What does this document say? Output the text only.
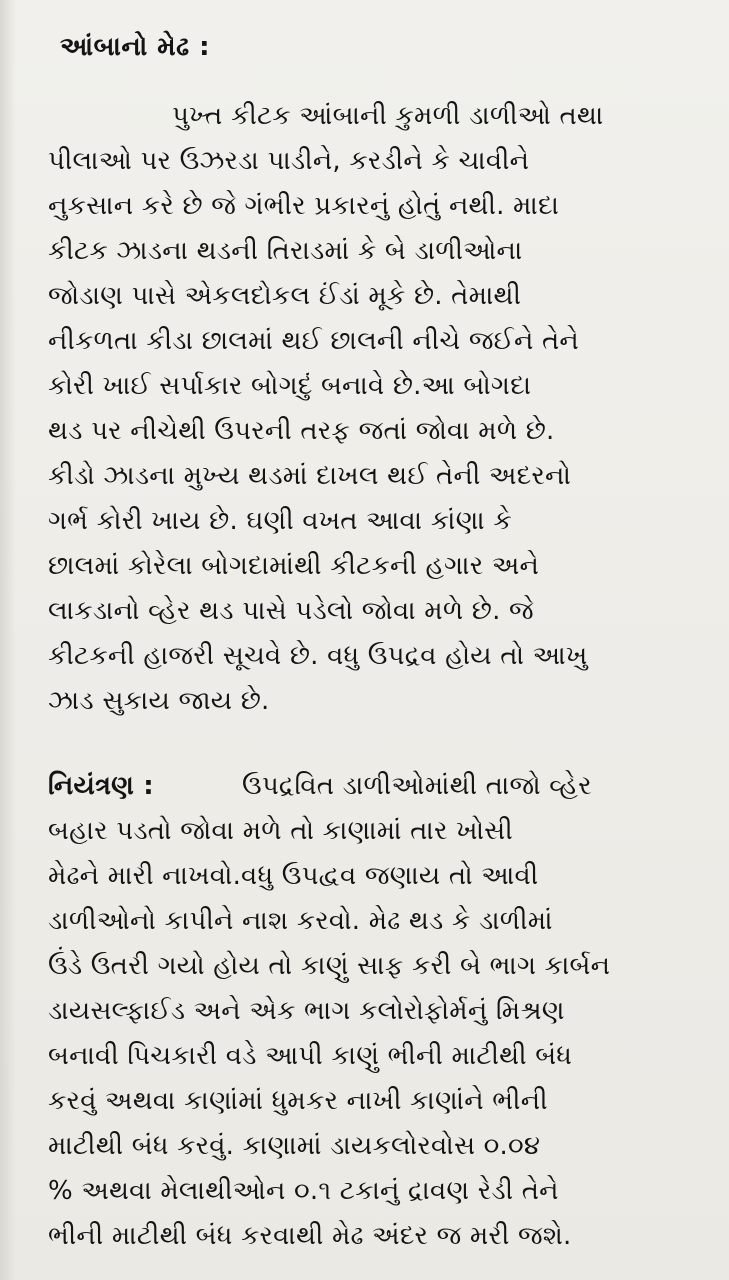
આંબાનો મેઢ :
પુખ્ત કીટક આંબાની કુમળી ડાળીઓ તથા
પીલાઓ પર ઉઝરડા પાડીને, કરડીને કે ચાવીને
નુકસાન કરે છે જે ગંભીર પ્રકારનું હોતું નથી. માદા
કીટક ઝાડના થડની તિરાડમાં કે બે ડાળીઓના
જોડાણ પાસે એકલદોકલ ઈંડાં મૂકે છે. તેમાથી
નીકળતા કીડા છાલમાં થઈ છાલની નીચે જઈને તેને
કોરી ખાઈ સર્પાકાર બોગદું બનાવે છે.આ બોગદા
થડ પર નીચેથી ઉપરની તરફ જતાં જોવા મળે છે.
કીડો ઝાડના મુખ્ય થડમાં દાખલ થઈ તેની અદરનો
ગર્ભ કોરી ખાય છે. ઘણી વખત આવા કાંણા કે
છાલમાં કોરેલા બોગદામાંથી કીટકની હગાર અને
લાકડાનો વ્હેર થડ પાસે પડેલો જોવા મળે છે. જે
કીટકની હાજરી સૂચવે છે. વધુ ઉપદ્રવ હોય તો આખુ
ઝાડ સુકાય જાય છે.
નિયંત્રણ :	ઉપદ્રવિત ડાળીઓમાંથી તાજો વ્હેર
બહાર પડતો જોવા મળે તો કાણામાં તાર ખોસી
મેઢને મારી નાખવો.વધુ ઉપદ્વવ જણાય તો આવી
ડાળીઓનો કાપીને નાશ કરવો. મેઢ થડ કે ડાળીમાં
ઉંડે ઉતરી ગયો હોય તો કાણું સાફ કરી બે ભાગ કાર્બન
ડાયસલ્ફાઈડ અને એક ભાગ કલોરોફોર્મનું મિશ્રણ
બનાવી પિચકારી વડે આપી કાણું ભીની માટીથી બંધ
કરવું અથવા કાણાંમાં ધુમકર નાખી કાણાંને ભીની
માટીથી બંધ કરવું. કાણામાં ડાયકલોરવોસ ૦.૦૪
% અથવા મેલાથીઓન ૦.૧ ટકાનું દ્રાવણ રેડી તેને
ભીની માટીથી બંધ કરવાથી મેઢ અંદર જ મરી જશે.
